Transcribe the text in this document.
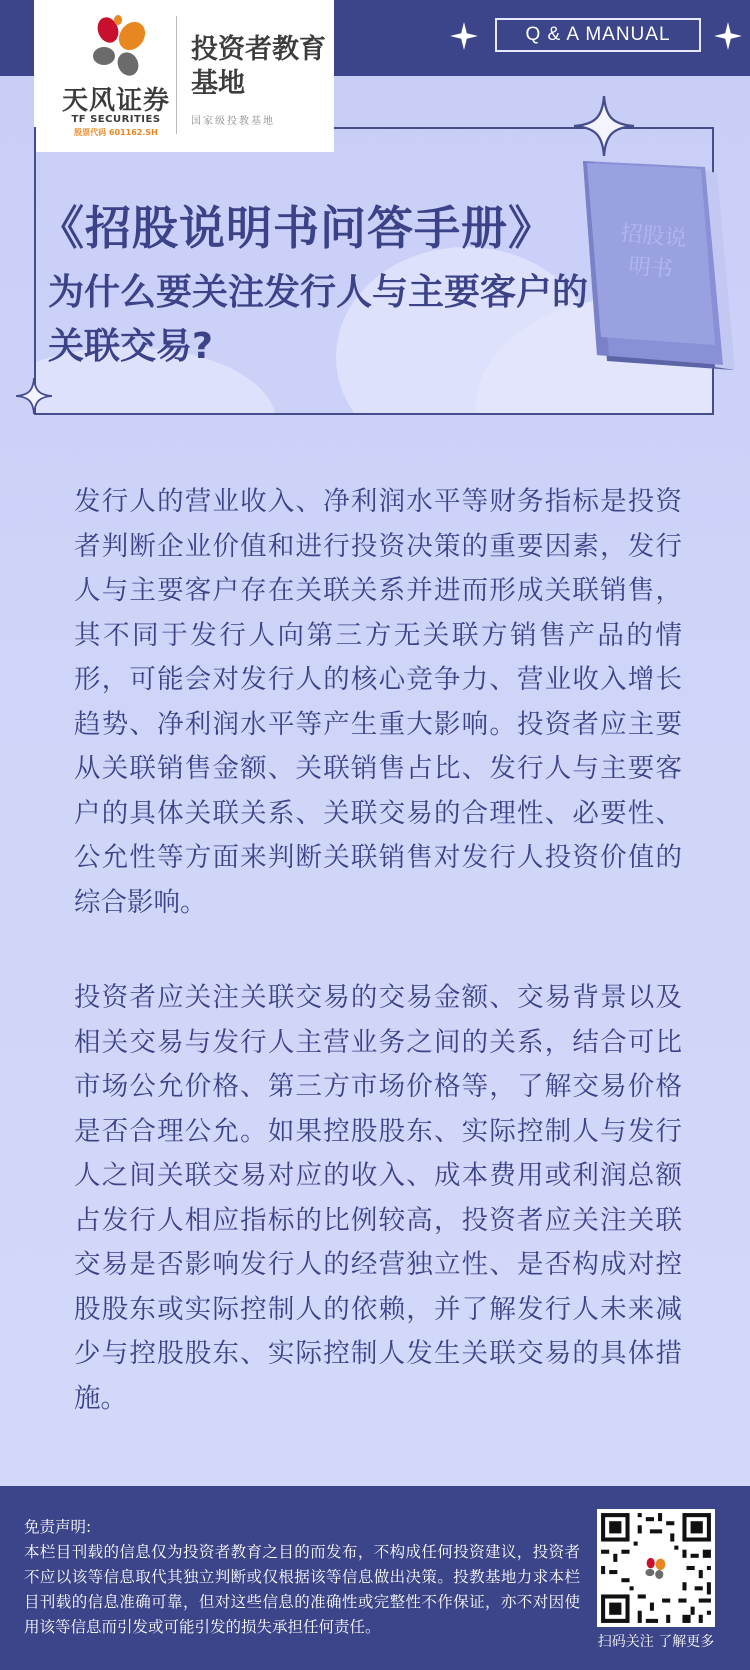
天风证券
TF SECURITIES
股票代码 601162.SH
投资者教育基地
国家级投教基地
Q & A MANUAL
招股说明书
《招股说明书问答手册》
为什么要关注发行人与主要客户的关联交易?

发行人的营业收入、净利润水平等财务指标是投资者判断企业价值和进行投资决策的重要因素，发行人与主要客户存在关联关系并进而形成关联销售，其不同于发行人向第三方无关联方销售产品的情形，可能会对发行人的核心竞争力、营业收入增长趋势、净利润水平等产生重大影响。投资者应主要从关联销售金额、关联销售占比、发行人与主要客户的具体关联关系、关联交易的合理性、必要性、公允性等方面来判断关联销售对发行人投资价值的综合影响。

投资者应关注关联交易的交易金额、交易背景以及相关交易与发行人主营业务之间的关系，结合可比市场公允价格、第三方市场价格等，了解交易价格是否合理公允。如果控股股东、实际控制人与发行人之间关联交易对应的收入、成本费用或利润总额占发行人相应指标的比例较高，投资者应关注关联交易是否影响发行人的经营独立性、是否构成对控股股东或实际控制人的依赖，并了解发行人未来减少与控股股东、实际控制人发生关联交易的具体措施。

免责声明:
本栏目刊载的信息仅为投资者教育之目的而发布，不构成任何投资建议，投资者不应以该等信息取代其独立判断或仅根据该等信息做出决策。投教基地力求本栏目刊载的信息准确可靠，但对这些信息的准确性或完整性不作保证，亦不对因使用该等信息而引发或可能引发的损失承担任何责任。
扫码关注 了解更多
